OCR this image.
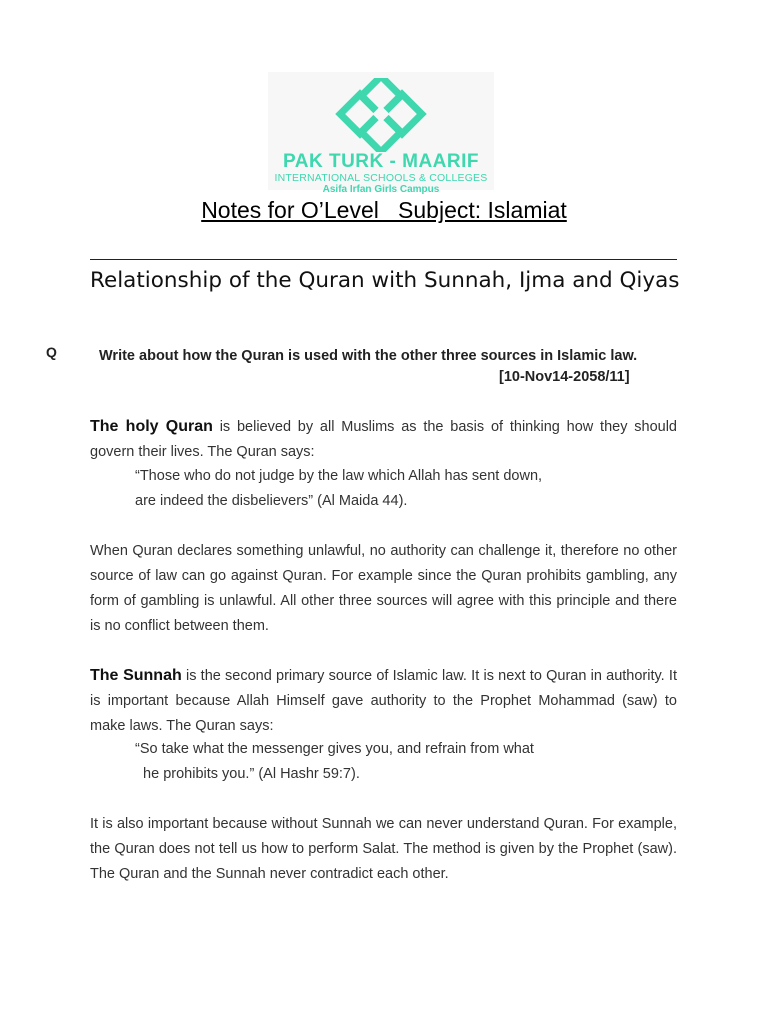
PAK TURK - MAARIF
INTERNATIONAL SCHOOLS & COLLEGES
Asifa Irfan Girls Campus
Notes for O’Level   Subject: Islamiat
Relationship of the Quran with Sunnah, Ijma and Qiyas
Q	Write about how the Quran is used with the other three sources in Islamic law.
[10-Nov14-2058/11]
The holy Quran is believed by all Muslims as the basis of thinking how they should govern their lives. The Quran says:
“Those who do not judge by the law which Allah has sent down,
are indeed the disbelievers” (Al Maida 44).
When Quran declares something unlawful, no authority can challenge it, therefore no other source of law can go against Quran. For example since the Quran prohibits gambling, any form of gambling is unlawful. All other three sources will agree with this principle and there is no conflict between them.
The Sunnah is the second primary source of Islamic law. It is next to Quran in authority. It is important because Allah Himself gave authority to the Prophet Mohammad (saw) to make laws. The Quran says:
“So take what the messenger gives you, and refrain from what
he prohibits you.” (Al Hashr 59:7).
It is also important because without Sunnah we can never understand Quran. For example, the Quran does not tell us how to perform Salat. The method is given by the Prophet (saw). The Quran and the Sunnah never contradict each other.
